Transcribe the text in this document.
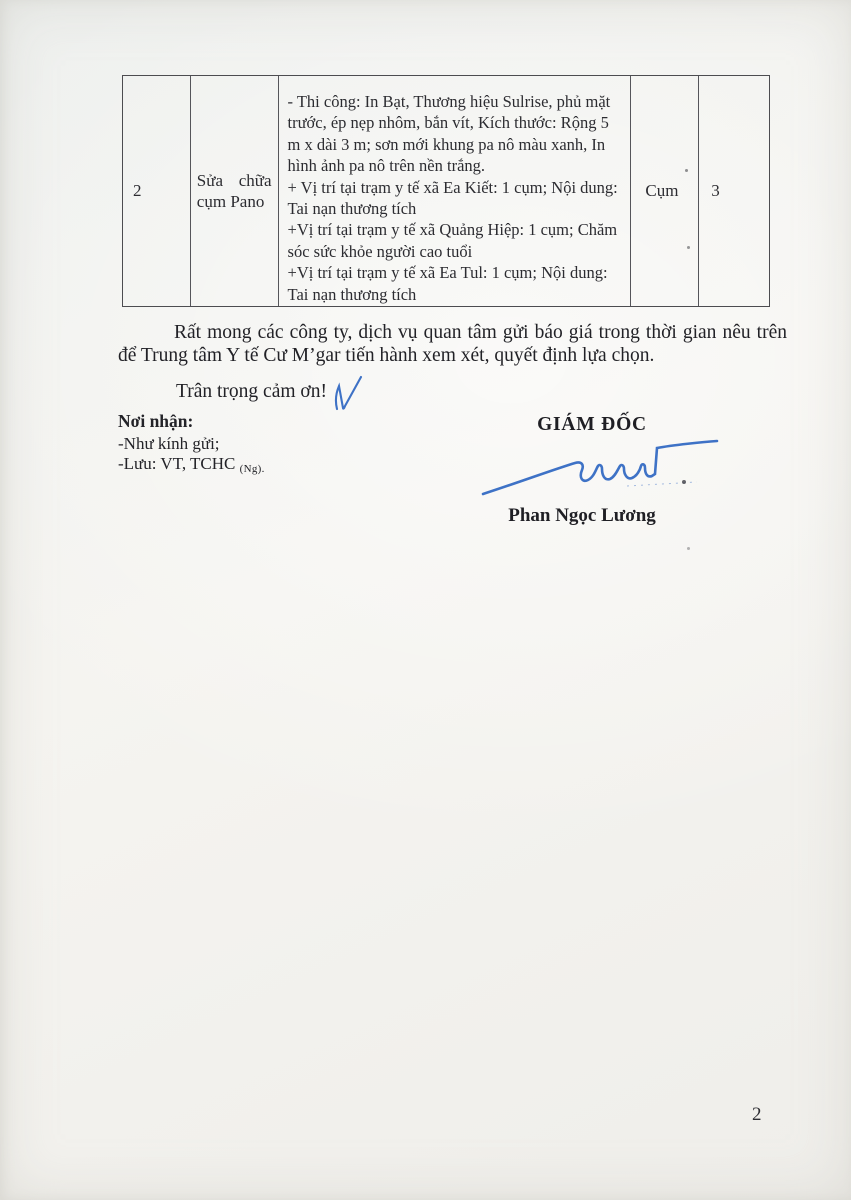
2
Sửa chữa cụm Pano

- Thi công: In Bạt, Thương hiệu Sulrise, phủ mặt trước, ép nẹp nhôm, bắn vít, Kích thước: Rộng 5 m x dài 3 m; sơn mới khung pa nô màu xanh, In hình ảnh pa nô trên nền trắng.

+ Vị trí tại trạm y tế xã Ea Kiết: 1 cụm; Nội dung: Tai nạn thương tích

+Vị trí tại trạm y tế xã Quảng Hiệp: 1 cụm; Chăm sóc sức khỏe người cao tuổi

+Vị trí tại trạm y tế xã Ea Tul: 1 cụm; Nội dung: Tai nạn thương tích

Cụm 3

Rất mong các công ty, dịch vụ quan tâm gửi báo giá trong thời gian nêu trên để Trung tâm Y tế Cư M’gar tiến hành xem xét, quyết định lựa chọn.

Trân trọng cảm ơn!

Nơi nhận:
-Như kính gửi;
-Lưu: VT, TCHC (Ng).
GIÁM ĐỐC
Phan Ngọc Lương
2
